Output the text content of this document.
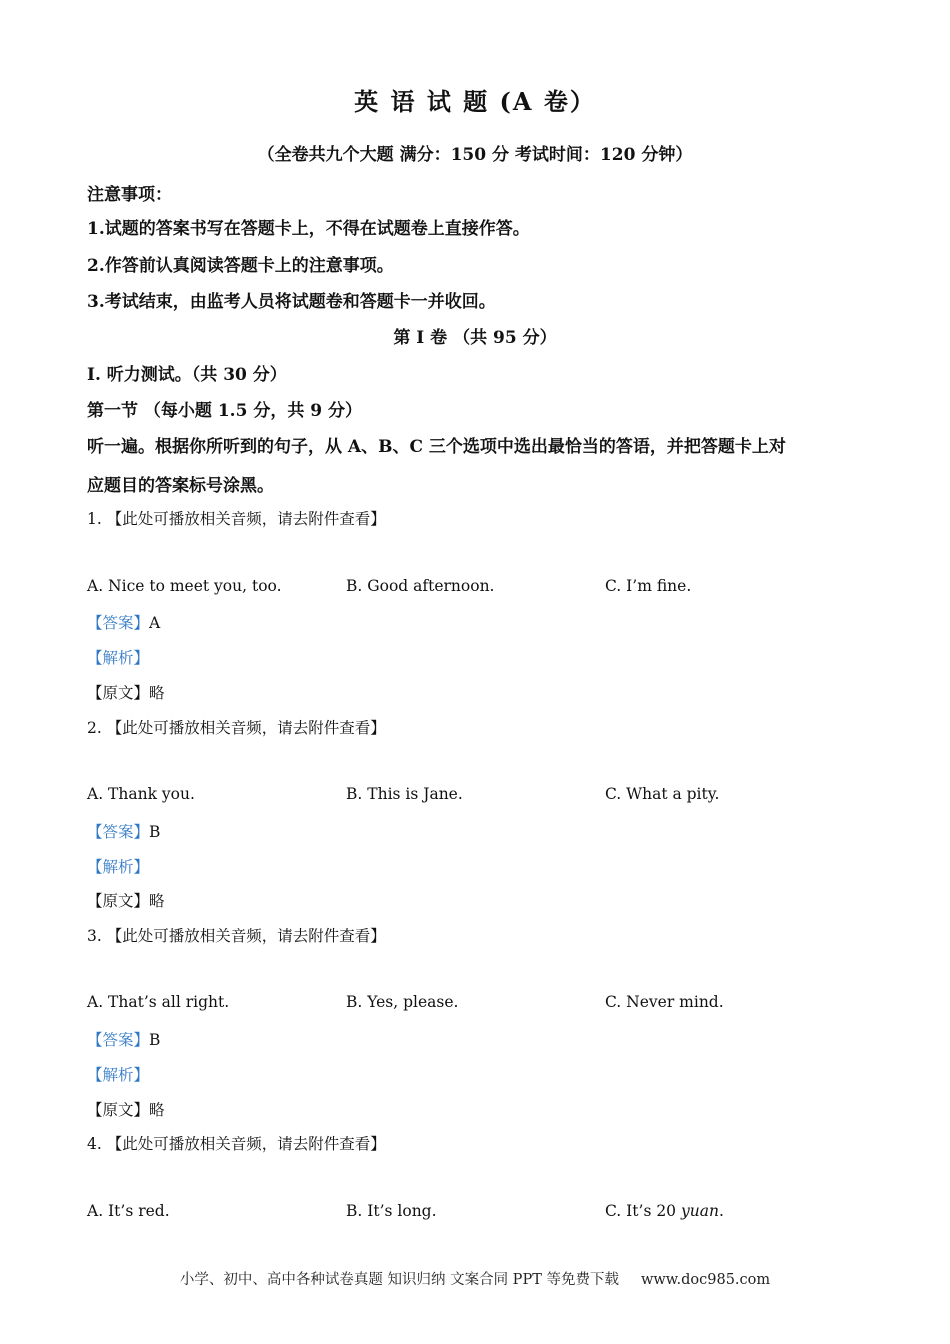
英 语 试 题 (A 卷）
（全卷共九个大题 满分：150 分 考试时间：120 分钟）
注意事项：
1.试题的答案书写在答题卡上，不得在试题卷上直接作答。
2.作答前认真阅读答题卡上的注意事项。
3.考试结束，由监考人员将试题卷和答题卡一并收回。
第 Ⅰ 卷 （共 95 分）
Ⅰ. 听力测试。（共 30 分）
第一节 （每小题 1.5 分，共 9 分）
听一遍。根据你所听到的句子，从 A、B、C 三个选项中选出最恰当的答语，并把答题卡上对
应题目的答案标号涂黑。
1. 【此处可播放相关音频，请去附件查看】
A. Nice to meet you, too.	B. Good afternoon.	C. I’m fine.
【答案】A
【解析】
【原文】略
2. 【此处可播放相关音频，请去附件查看】
A. Thank you.	B. This is Jane.	C. What a pity.
【答案】B
【解析】
【原文】略
3. 【此处可播放相关音频，请去附件查看】
A. That’s all right.	B. Yes, please.	C. Never mind.
【答案】B
【解析】
【原文】略
4. 【此处可播放相关音频，请去附件查看】
A. It’s red.	B. It’s long.	C. It’s 20 yuan.
小学、初中、高中各种试卷真题 知识归纳 文案合同 PPT 等免费下载 www.doc985.com
